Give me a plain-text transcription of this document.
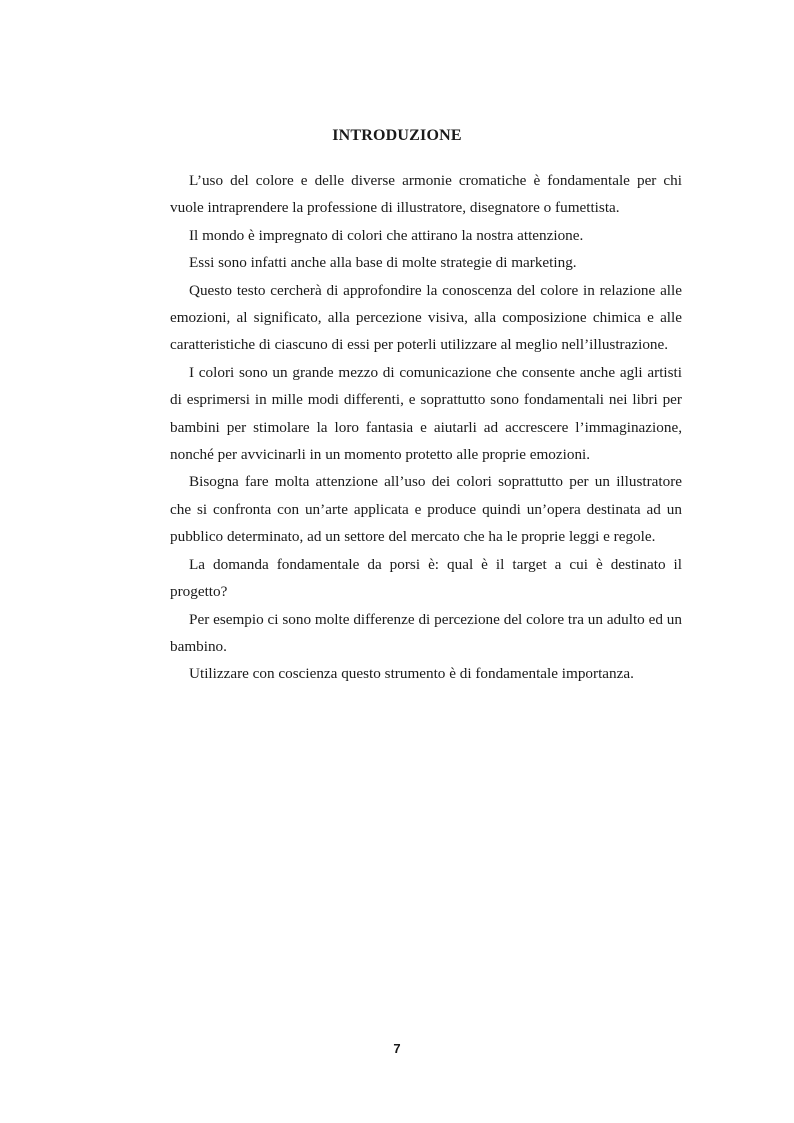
INTRODUZIONE

L’uso del colore e delle diverse armonie cromatiche è fondamentale per chi vuole intraprendere la professione di illustratore, disegnatore o fumettista.

Il mondo è impregnato di colori che attirano la nostra attenzione.

Essi sono infatti anche alla base di molte strategie di marketing.

Questo testo cercherà di approfondire la conoscenza del colore in relazione alle emozioni, al significato, alla percezione visiva, alla composizione chimica e alle caratteristiche di ciascuno di essi per poterli utilizzare al meglio nell’illustrazione.

I colori sono un grande mezzo di comunicazione che consente anche agli artisti di esprimersi in mille modi differenti, e soprattutto sono fondamentali nei libri per bambini per stimolare la loro fantasia e aiutarli ad accrescere l’immaginazione, nonché per avvicinarli in un momento protetto alle proprie emozioni.

Bisogna fare molta attenzione all’uso dei colori soprattutto per un illustratore che si confronta con un’arte applicata e produce quindi un’opera destinata ad un pubblico determinato, ad un settore del mercato che ha le proprie leggi e regole.

La domanda fondamentale da porsi è: qual è il target a cui è destinato il progetto?

Per esempio ci sono molte differenze di percezione del colore tra un adulto ed un bambino.

Utilizzare con coscienza questo strumento è di fondamentale importanza.

7
